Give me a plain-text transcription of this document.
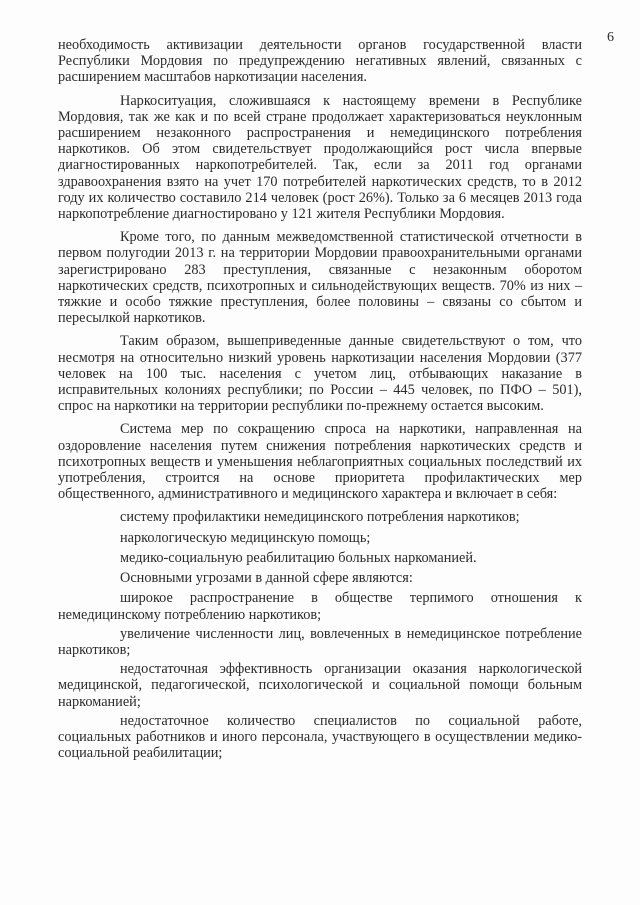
6

необходимость активизации деятельности органов государственной власти Республики Мордовия по предупреждению негативных явлений, связанных с расширением масштабов наркотизации населения.

Наркоситуация, сложившаяся к настоящему времени в Республике Мордовия, так же как и по всей стране продолжает характеризоваться неуклонным расширением незаконного распространения и немедицинского потребления наркотиков. Об этом свидетельствует продолжающийся рост числа впервые диагностированных наркопотребителей. Так, если за 2011 год органами здравоохранения взято на учет 170 потребителей наркотических средств, то в 2012 году их количество составило 214 человек (рост 26%). Только за 6 месяцев 2013 года наркопотребление диагностировано у 121 жителя Республики Мордовия.

Кроме того, по данным межведомственной статистической отчетности в первом полугодии 2013 г. на территории Мордовии правоохранительными органами зарегистрировано 283 преступления, связанные с незаконным оборотом наркотических средств, психотропных и сильнодействующих веществ. 70% из них – тяжкие и особо тяжкие преступления, более половины – связаны со сбытом и пересылкой наркотиков.

Таким образом, вышеприведенные данные свидетельствуют о том, что несмотря на относительно низкий уровень наркотизации населения Мордовии (377 человек на 100 тыс. населения с учетом лиц, отбывающих наказание в исправительных колониях республики; по России – 445 человек, по ПФО – 501), спрос на наркотики на территории республики по-прежнему остается высоким.

Система мер по сокращению спроса на наркотики, направленная на оздоровление населения путем снижения потребления наркотических средств и психотропных веществ и уменьшения неблагоприятных социальных последствий их употребления, строится на основе приоритета профилактических мер общественного, административного и медицинского характера и включает в себя:

систему профилактики немедицинского потребления наркотиков;

наркологическую медицинскую помощь;

медико-социальную реабилитацию больных наркоманией.

Основными угрозами в данной сфере являются:

широкое распространение в обществе терпимого отношения к немедицинскому потреблению наркотиков;

увеличение численности лиц, вовлеченных в немедицинское потребление наркотиков;

недостаточная эффективность организации оказания наркологической медицинской, педагогической, психологической и социальной помощи больным наркоманией;

недостаточное количество специалистов по социальной работе, социальных работников и иного персонала, участвующего в осуществлении медико-социальной реабилитации;
